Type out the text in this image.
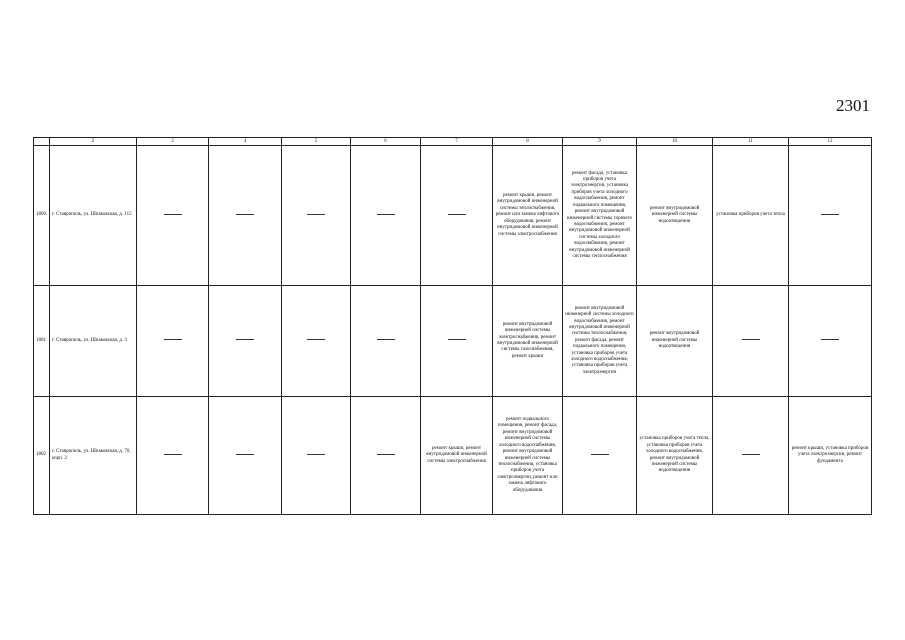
2301
	2	3	4	5	6	7	8	9	10	11	12
1800.	г. Ставрополь, ул. Шпаковская, д. 115						ремонт крыши, ремонт внутридомовой инженерной системы теплоснабжения, ремонт или замена лифтового оборудования, ремонт внутридомовой инженерной системы электроснабжения	ремонт фасада, установка приборов учета электроэнергии, установка приборов учета холодного водоснабжения, ремонт подвального помещения, ремонт внутридомовой инженерной системы горячего водоснабжения, ремонт внутридомовой инженерной системы холодного водоснабжения, ремонт внутридомовой инженерной системы теплоснабжения	ремонт внутридомовой инженерной системы водоотведения	установка приборов учета тепла	
1801	г. Ставрополь, ул. Шпаковская, д. 3						ремонт внутридомовой инженерной системы электроснабжения, ремонт внутридомовой инженерной системы газоснабжения, ремонт крыши	ремонт внутридомовой инженерной системы холодного водоснабжения, ремонт внутридомовой инженерной системы теплоснабжения, ремонт фасада, ремонт подвального помещения, установка приборов учета холодного водоснабжения, установка приборов учета электроэнергии	ремонт внутридомовой инженерной системы водоотведения		
1802	г. Ставрополь, ул. Шпаковская, д. 70, корп. 2					ремонт крыши, ремонт внутридомовой инженерной системы электроснабжения	ремонт подвального помещения, ремонт фасада, ремонт внутридомовой инженерной системы холодного водоснабжения, ремонт внутридомовой инженерной системы теплоснабжения, установка приборов учета электроэнергии, ремонт или замена лифтового оборудования		установка приборов учета тепла, установка приборов учета холодного водоснабжения, ремонт внутридомовой инженерной системы водоотведения		ремонт крыши, установка приборов учета электроэнергии, ремонт фундамента
